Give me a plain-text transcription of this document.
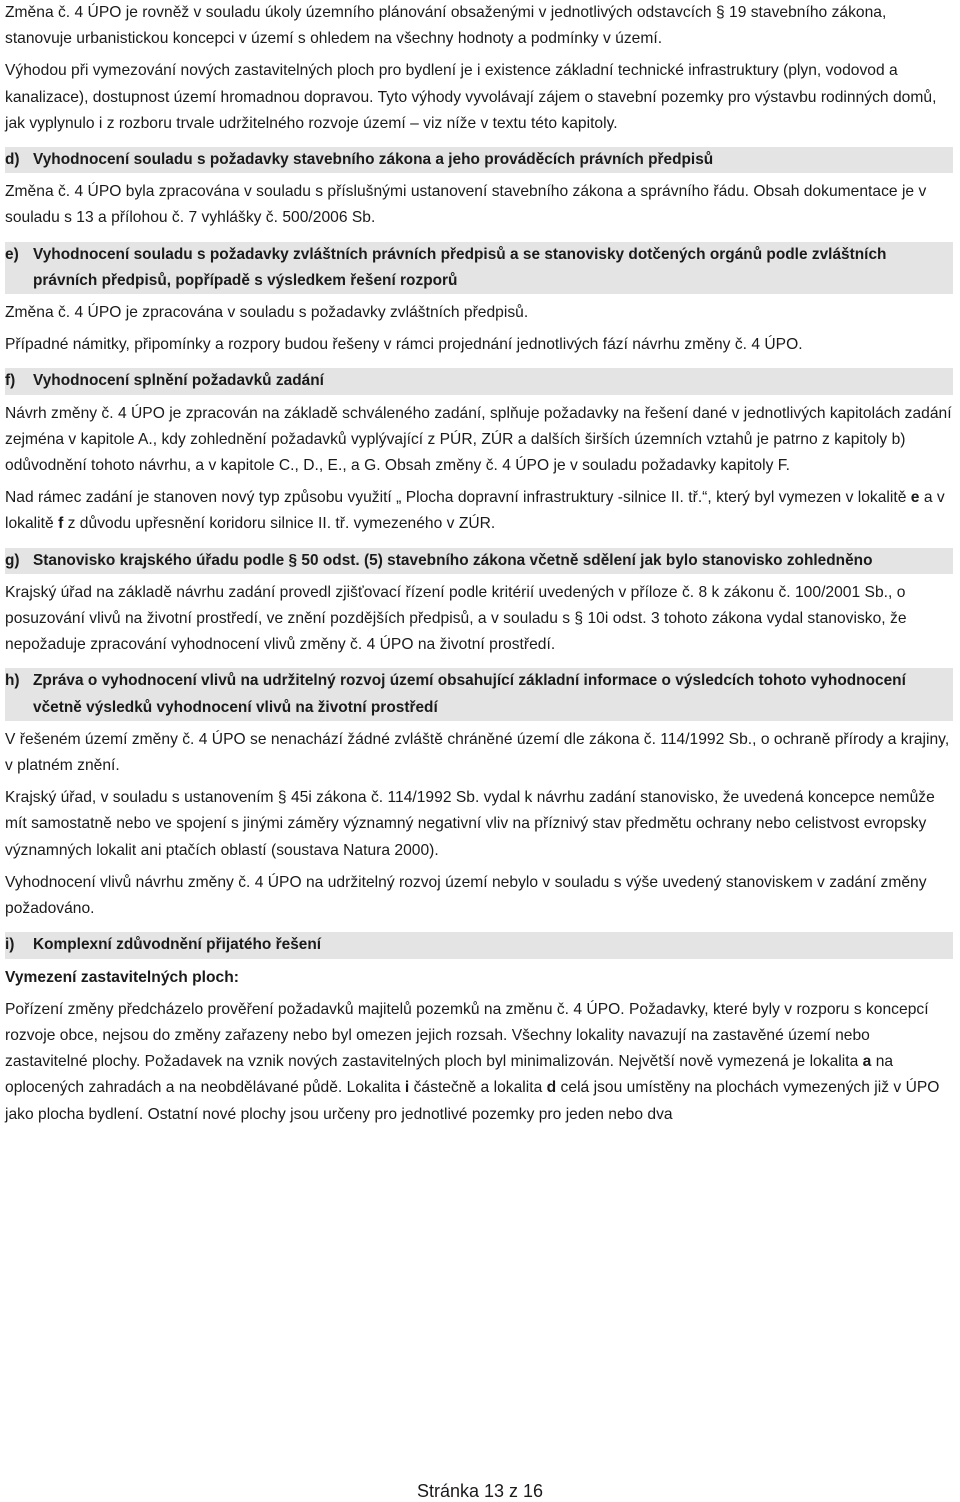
Změna č. 4 ÚPO je rovněž v souladu úkoly územního plánování obsaženými v jednotlivých odstavcích § 19 stavebního zákona, stanovuje urbanistickou koncepci v území s ohledem na všechny hodnoty a podmínky v území.

Výhodou při vymezování nových zastavitelných ploch pro bydlení je i existence základní technické infrastruktury (plyn, vodovod a kanalizace), dostupnost území hromadnou dopravou. Tyto výhody vyvolávají zájem o stavební pozemky pro výstavbu rodinných domů, jak vyplynulo i z rozboru trvale udržitelného rozvoje území – viz níže v textu této kapitoly.

d) Vyhodnocení souladu s požadavky stavebního zákona a jeho prováděcích právních předpisů

Změna č. 4 ÚPO byla zpracována v souladu s příslušnými ustanovení stavebního zákona a správního řádu. Obsah dokumentace je v souladu s 13 a přílohou č. 7 vyhlášky č. 500/2006 Sb.

e) Vyhodnocení souladu s požadavky zvláštních právních předpisů a se stanovisky dotčených orgánů podle zvláštních právních předpisů, popřípadě s výsledkem řešení rozporů

Změna č. 4 ÚPO je zpracována v souladu s požadavky zvláštních předpisů.

Případné námitky, připomínky a rozpory budou řešeny v rámci projednání jednotlivých fází návrhu změny č. 4 ÚPO.

f)	Vyhodnocení splnění požadavků zadání

Návrh změny č. 4 ÚPO je zpracován na základě schváleného zadání, splňuje požadavky na řešení dané v jednotlivých kapitolách zadání zejména v kapitole A., kdy zohlednění požadavků vyplývající z PÚR, ZÚR a dalších širších územních vztahů je patrno z kapitoly b) odůvodnění tohoto návrhu, a v kapitole C., D., E., a G. Obsah změny č. 4 ÚPO je v souladu požadavky kapitoly F.

Nad rámec zadání je stanoven nový typ způsobu využití „ Plocha dopravní infrastruktury -silnice II. tř.“, který byl vymezen v lokalitě e a v lokalitě f z důvodu upřesnění koridoru silnice II. tř. vymezeného v ZÚR.

g) Stanovisko krajského úřadu podle § 50 odst. (5) stavebního zákona včetně sdělení jak bylo stanovisko zohledněno

Krajský úřad na základě návrhu zadání provedl zjišťovací řízení podle kritérií uvedených v příloze č. 8 k zákonu č. 100/2001 Sb., o posuzování vlivů na životní prostředí, ve znění pozdějších předpisů, a v souladu s § 10i odst. 3 tohoto zákona vydal stanovisko, že nepožaduje zpracování vyhodnocení vlivů změny č. 4 ÚPO na životní prostředí.

h) Zpráva o vyhodnocení vlivů na udržitelný rozvoj území obsahující základní informace o výsledcích tohoto vyhodnocení včetně výsledků vyhodnocení vlivů na životní prostředí

V řešeném území změny č. 4 ÚPO se nenachází žádné zvláště chráněné území dle zákona č. 114/1992 Sb., o ochraně přírody a krajiny, v platném znění.

Krajský úřad, v souladu s ustanovením § 45i zákona č. 114/1992 Sb. vydal k návrhu zadání stanovisko, že uvedená koncepce nemůže mít samostatně nebo ve spojení s jinými záměry významný negativní vliv na příznivý stav předmětu ochrany nebo celistvost evropsky významných lokalit ani ptačích oblastí (soustava Natura 2000).

Vyhodnocení vlivů návrhu změny č. 4 ÚPO na udržitelný rozvoj území nebylo v souladu s výše uvedený stanoviskem v zadání změny požadováno.

i)	Komplexní zdůvodnění přijatého řešení

Vymezení zastavitelných ploch:

Pořízení změny předcházelo prověření požadavků majitelů pozemků na změnu č. 4 ÚPO. Požadavky, které byly v rozporu s koncepcí rozvoje obce, nejsou do změny zařazeny nebo byl omezen jejich rozsah. Všechny lokality navazují na zastavěné území nebo zastavitelné plochy. Požadavek na vznik nových zastavitelných ploch byl minimalizován. Největší nově vymezená je lokalita a na oplocených zahradách a na neobdělávané půdě. Lokalita i částečně a lokalita d celá jsou umístěny na plochách vymezených již v ÚPO jako plocha bydlení. Ostatní nové plochy jsou určeny pro jednotlivé pozemky pro jeden nebo dva

Stránka 13 z 16
